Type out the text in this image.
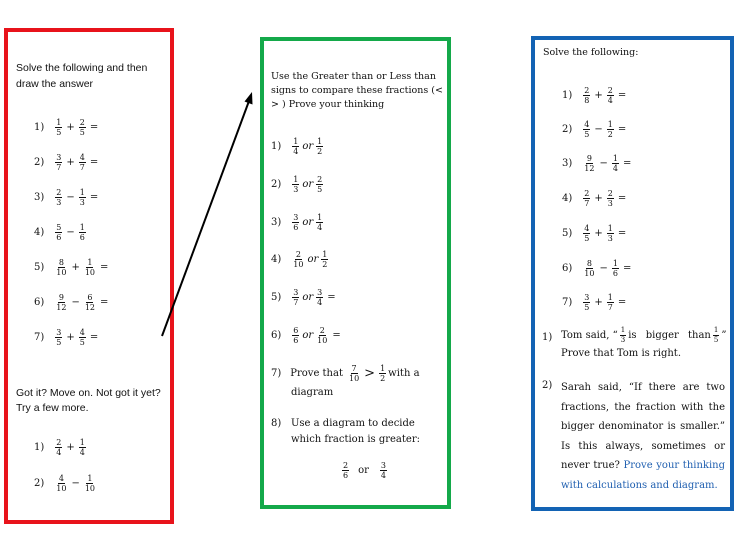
Solve the following and then draw the answer
1) 1
$5 + \frac{2}{5}$ =
2) 3
$7 + \frac{4}{7}$ =
3) 2
$3 - \frac{1}{3}$ =
4) 5
$6 - \frac{1}{6}$
5) 8
$10 + \frac{1}{10}$ =
6) 9
$12 - \frac{6}{12}$ =
7) 3
$5 + \frac{4}{5}$ =
Got it? Move on. Not got it yet? Try a few more.
1) 2
$4 + \frac{1}{4}$
2) 4
$10 - \frac{1}{10}$
Use the Greater than or Less than signs to compare these fractions (< > ) Prove your thinking
1) 1
4 or 1
2
2) 1
3 or 2
5
3) 3
6 or 1
4
4) 2
10 or 1
2
5) 3
7 or $\frac{3}{4}$ =
6) 6
6 or $\frac{2}{10}$ =
7) Prove that 7
10 > 1
2 with a
diagram
8) Use a diagram to decide which fraction is greater:
2
6 or 3
4
Solve the following:
1) 2
$8 + \frac{2}{4}$ =
2) 4
$5 - \frac{1}{2}$ =
3) 9
$12 - \frac{1}{4}$ =
4) 2
$7 + \frac{2}{3}$ =
5) 4
$5 + \frac{1}{3}$ =
6) 8
$10 - \frac{1}{6}$ =
7) 3
$5 + \frac{1}{7}$ =
1) Tom said, “ 1
3 is bigger than 1
5 ”
Prove that Tom is right.
2) Sarah said, “If there are two fractions, the fraction with the bigger denominator is smaller.” Is this always, sometimes or never true? Prove your thinking with calculations and diagram.
